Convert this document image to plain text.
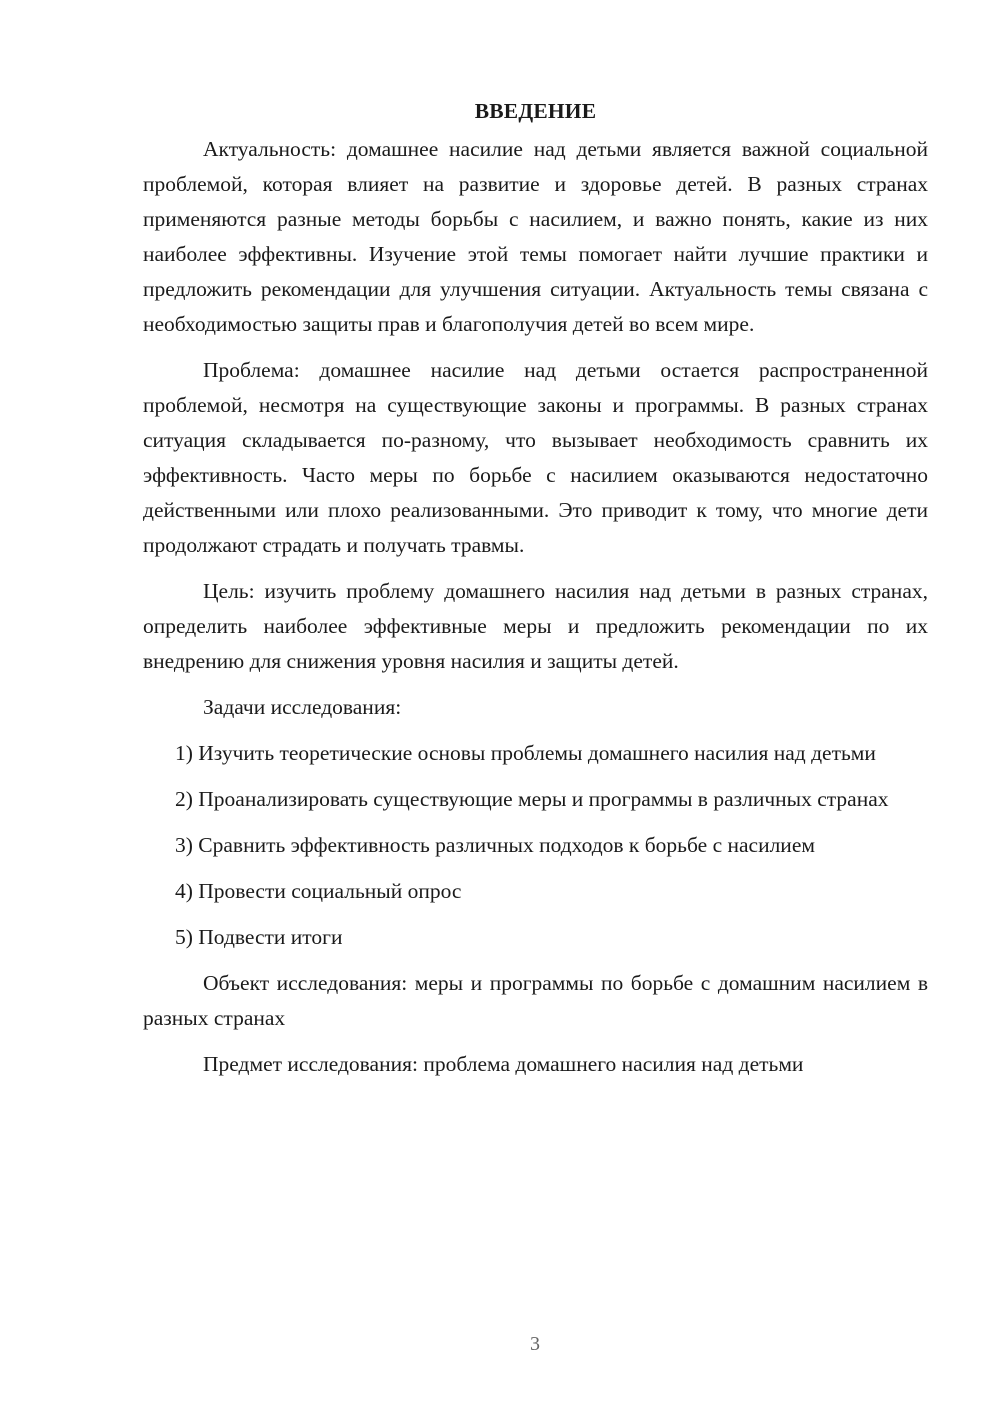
ВВЕДЕНИЕ

Актуальность: домашнее насилие над детьми является важной социальной проблемой, которая влияет на развитие и здоровье детей. В разных странах применяются разные методы борьбы с насилием, и важно понять, какие из них наиболее эффективны. Изучение этой темы помогает найти лучшие практики и предложить рекомендации для улучшения ситуации. Актуальность темы связана с необходимостью защиты прав и благополучия детей во всем мире.

Проблема: домашнее насилие над детьми остается распространенной проблемой, несмотря на существующие законы и программы. В разных странах ситуация складывается по-разному, что вызывает необходимость сравнить их эффективность. Часто меры по борьбе с насилием оказываются недостаточно действенными или плохо реализованными. Это приводит к тому, что многие дети продолжают страдать и получать травмы.

Цель: изучить проблему домашнего насилия над детьми в разных странах, определить наиболее эффективные меры и предложить рекомендации по их внедрению для снижения уровня насилия и защиты детей.

Задачи исследования:

1) Изучить теоретические основы проблемы домашнего насилия над детьми

2) Проанализировать существующие меры и программы в различных странах

3) Сравнить эффективность различных подходов к борьбе с насилием

4) Провести социальный опрос

5) Подвести итоги

Объект исследования: меры и программы по борьбе с домашним насилием в разных странах

Предмет исследования: проблема домашнего насилия над детьми

3
